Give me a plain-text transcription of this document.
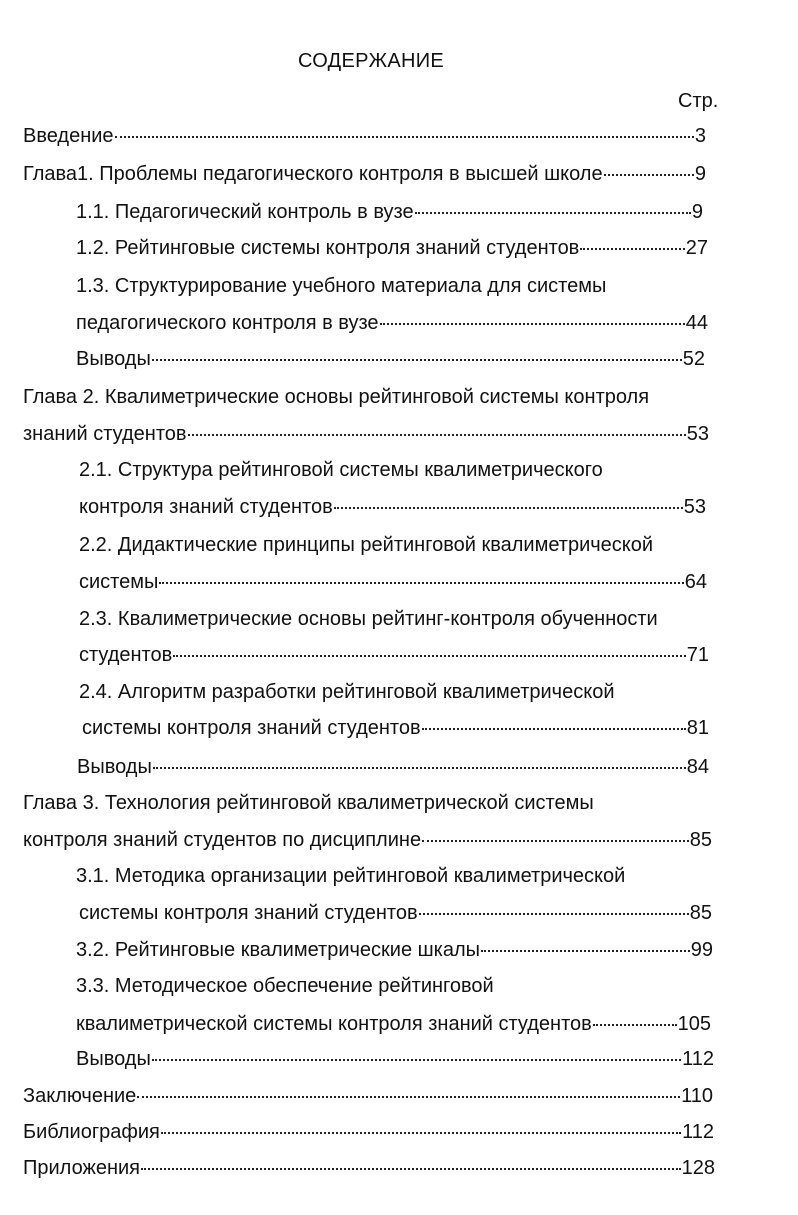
СОДЕРЖАНИЕ
Стр.
Введение	3
Глава1. Проблемы педагогического контроля в высшей школе	9
1.1. Педагогический контроль в вузе	9
1.2. Рейтинговые системы контроля знаний студентов	27
1.3. Структурирование учебного материала для системы
педагогического контроля в вузе	44
Выводы	52
Глава 2. Квалиметрические основы рейтинговой системы контроля
знаний студентов	53
2.1. Структура рейтинговой системы квалиметрического
контроля знаний студентов	53
2.2. Дидактические принципы рейтинговой квалиметрической
системы	64
2.3. Квалиметрические основы рейтинг-контроля обученности
студентов	71
2.4. Алгоритм разработки рейтинговой квалиметрической
системы контроля знаний студентов	81
Выводы	84
Глава 3. Технология рейтинговой квалиметрической системы
контроля знаний студентов по дисциплине	85
3.1. Методика организации рейтинговой квалиметрической
системы контроля знаний студентов	85
3.2. Рейтинговые квалиметрические шкалы	99
3.3. Методическое обеспечение рейтинговой
квалиметрической системы контроля знаний студентов	105
Выводы	112
Заключение	110
Библиография	112
Приложения	128
